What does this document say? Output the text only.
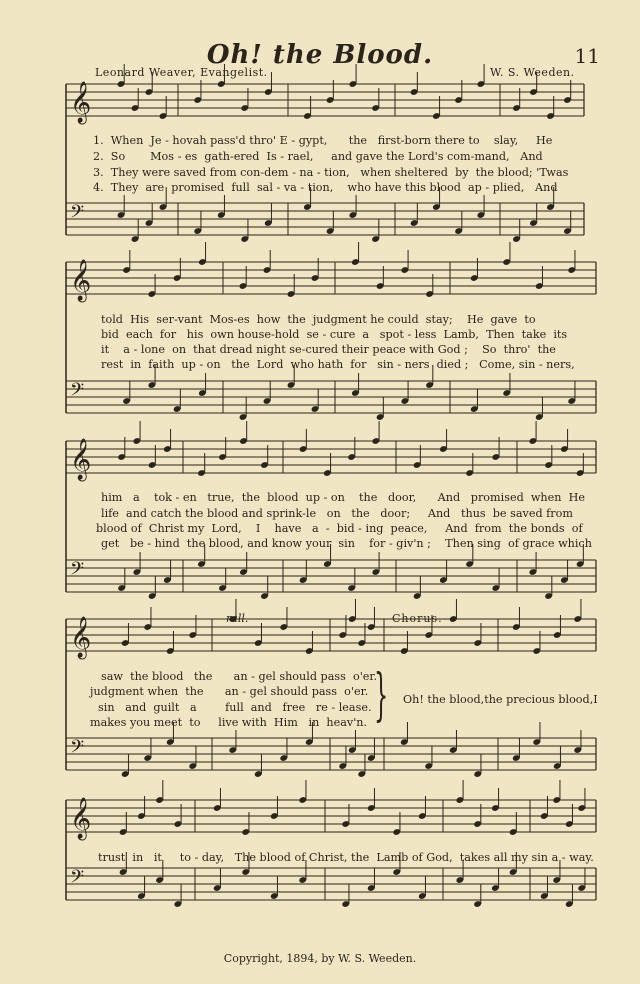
Oh! the Blood.	11
Leonard Weaver, Evangelist.	W. S. Weeden.
𝄞
𝄢
𝄞
𝄢
𝄞
𝄢
𝄞
𝄢
𝄞
𝄢
1.  When  Je - hovah pass'd thro' E - gypt,      the   first-born there to    slay,     He
2.  So       Mos - es  gath-ered  Is - rael,     and gave the Lord's com-mand,   And
3.  They were saved from con-dem - na - tion,   when sheltered  by  the blood; 'Twas
4.  They  are  promised  full  sal - va - tion,    who have this blood  ap - plied,   And
told  His  ser-vant  Mos-es  how  the  judgment he could  stay;    He  gave  to
bid  each  for   his  own house-hold  se - cure  a   spot - less  Lamb,  Then  take  its
it    a - lone  on  that dread night se-cured their peace with God ;    So  thro'  the
rest  in  faith  up - on   the  Lord  who hath  for   sin - ners  died ;   Come, sin - ners,
him   a    tok - en   true,  the  blood  up - on    the   door,      And   promised  when  He
life  and catch the blood and sprink-le   on   the   door;     And   thus  be saved from
blood of  Christ my  Lord,    I    have   a  -  bid - ing  peace,     And  from  the bonds  of
get   be - hind  the blood, and know your  sin    for - giv'n ;    Then sing  of grace which
rall.	Chorus.
saw  the blood   the      an - gel should pass  o'er.
judgment when  the      an - gel should pass  o'er.
sin   and  guilt   a        full  and   free   re - lease.
makes you meet  to     live with  Him   in  heav'n.
Oh! the blood,the precious blood,I
}
trust  in   it     to - day,   The blood of Christ, the  Lamb of God,  takes all my sin a - way.
Copyright, 1894, by W. S. Weeden.
